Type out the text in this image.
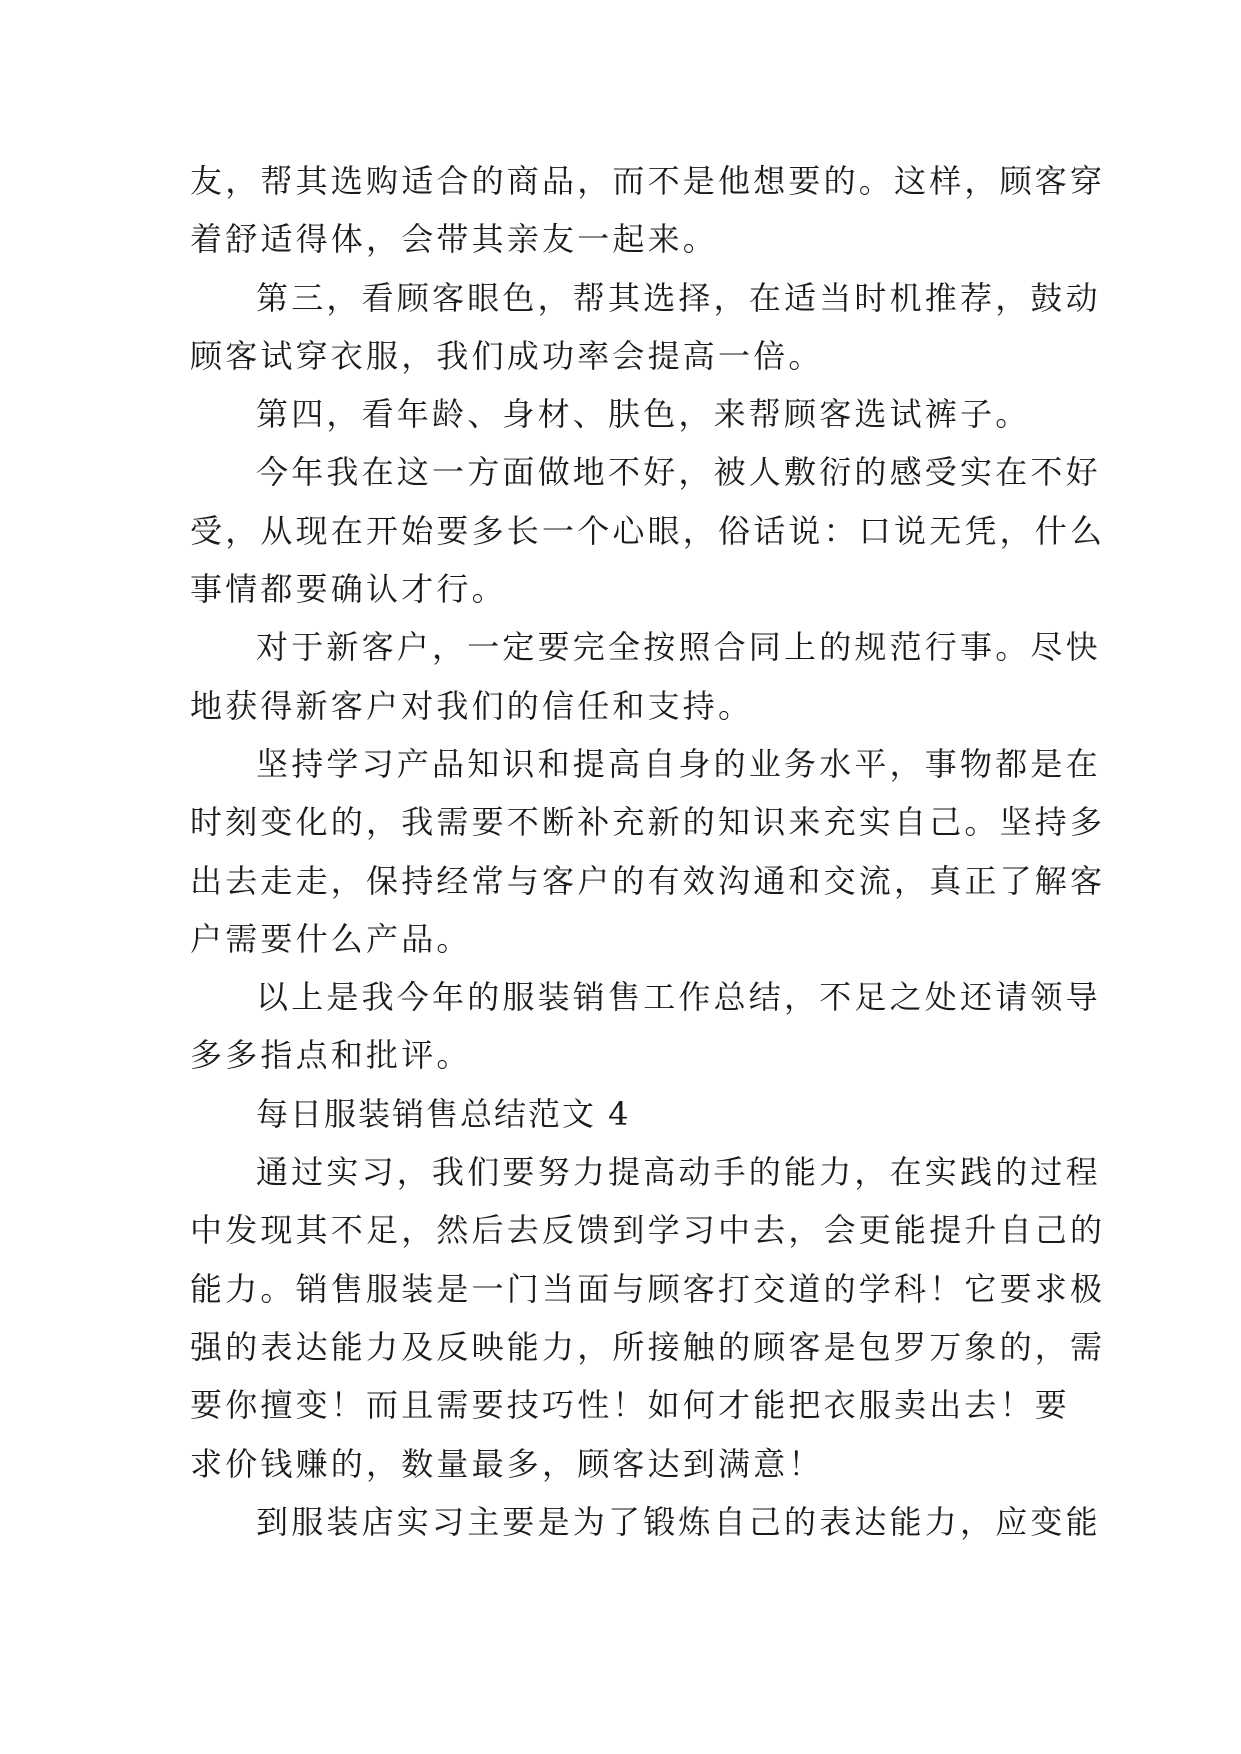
友，帮其选购适合的商品，而不是他想要的。这样，顾客穿
着舒适得体，会带其亲友一起来。
第三，看顾客眼色，帮其选择，在适当时机推荐，鼓动
顾客试穿衣服，我们成功率会提高一倍。
第四，看年龄、身材、肤色，来帮顾客选试裤子。
今年我在这一方面做地不好，被人敷衍的感受实在不好
受，从现在开始要多长一个心眼，俗话说：口说无凭，什么
事情都要确认才行。
对于新客户，一定要完全按照合同上的规范行事。尽快
地获得新客户对我们的信任和支持。
坚持学习产品知识和提高自身的业务水平，事物都是在
时刻变化的，我需要不断补充新的知识来充实自己。坚持多
出去走走，保持经常与客户的有效沟通和交流，真正了解客
户需要什么产品。
以上是我今年的服装销售工作总结，不足之处还请领导
多多指点和批评。
每日服装销售总结范文 4
通过实习，我们要努力提高动手的能力，在实践的过程
中发现其不足，然后去反馈到学习中去，会更能提升自己的
能力。销售服装是一门当面与顾客打交道的学科！它要求极
强的表达能力及反映能力，所接触的顾客是包罗万象的，需
要你擅变！而且需要技巧性！如何才能把衣服卖出去！要
求价钱赚的，数量最多，顾客达到满意！
到服装店实习主要是为了锻炼自己的表达能力，应变能
